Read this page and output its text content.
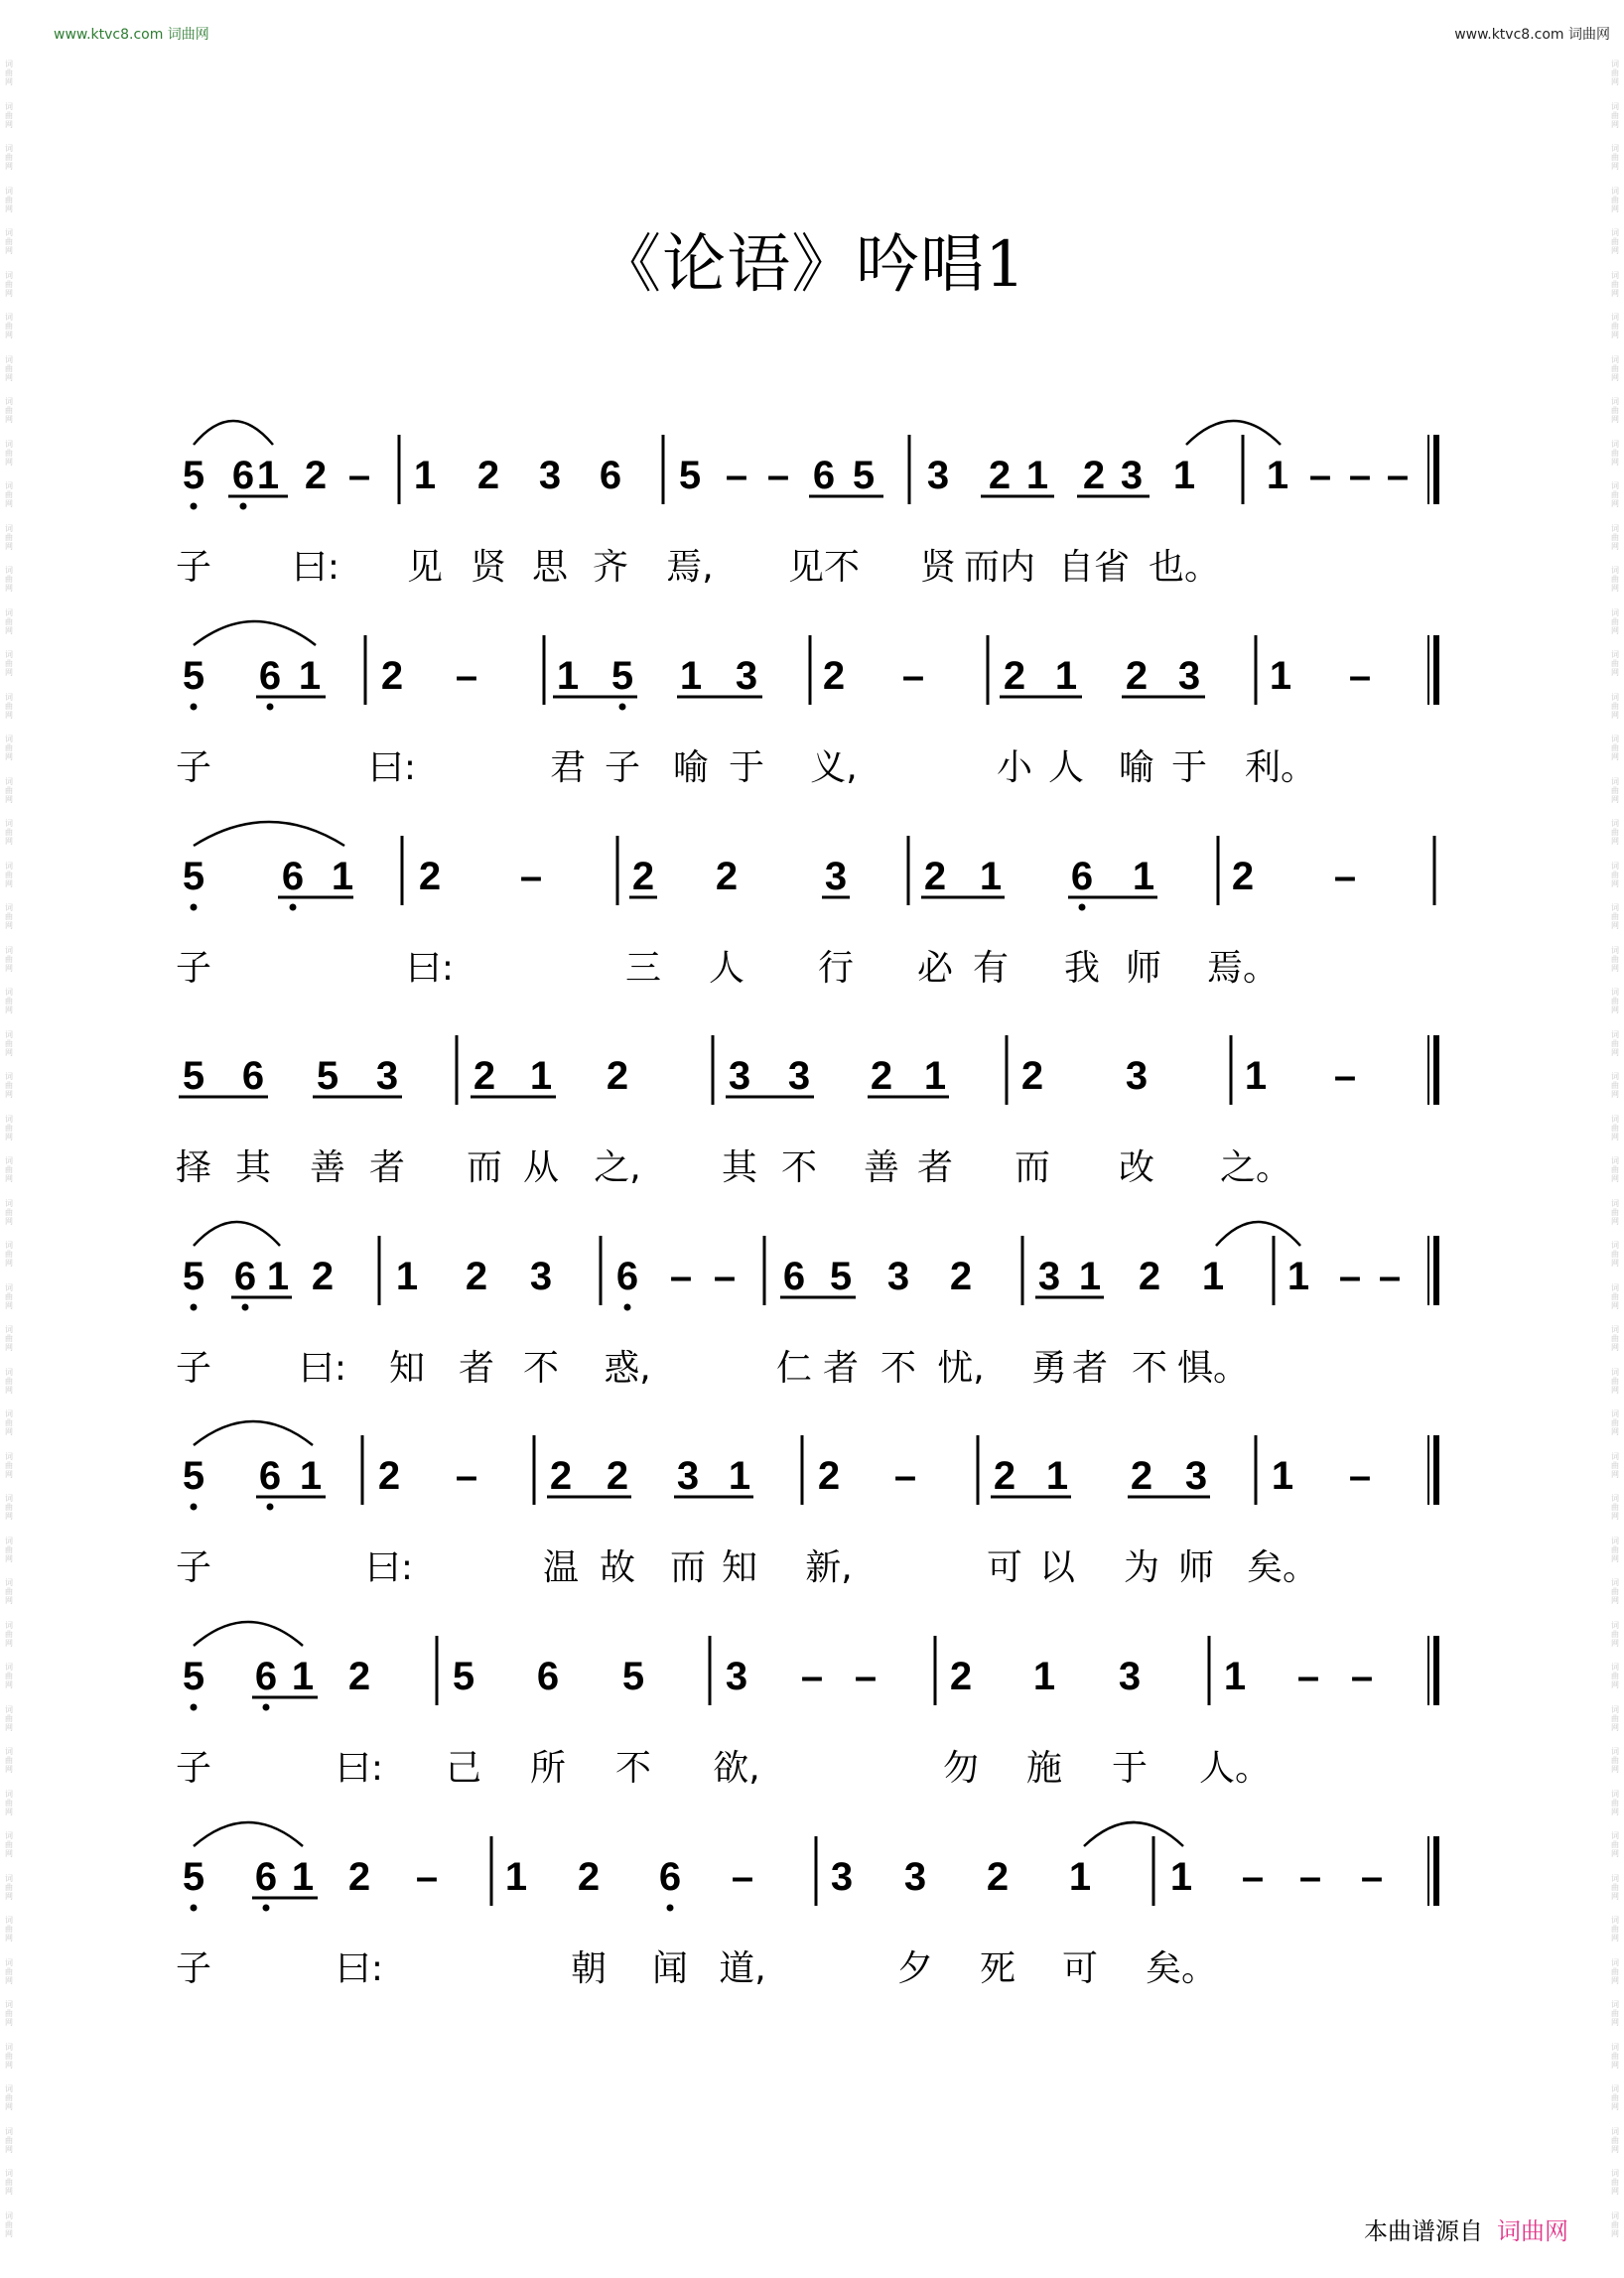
www.ktvc8.com 词曲网	www.ktvc8.com 词曲网
词
曲
网
词
曲
网
词
曲
网
词
曲
网
词
曲
网
词
曲
网
词
曲
网
词
曲
网
词
曲
网
词
曲
网
词
曲
网
词
曲
网
词
曲
网
词
曲
网
词
曲
网
词
曲
网
词
曲
网
词
曲
网
词
曲
网
词
曲
网
词
曲
网
词
曲
网
词
曲
网
词
曲
网
词
曲
网
词
曲
网
词
曲
网
词
曲
网
词
曲
网
词
曲
网
词
曲
网
词
曲
网
词
曲
网
词
曲
网
词
曲
网
词
曲
网
词
曲
网
词
曲
网
词
曲
网
词
曲
网
词
曲
网
词
曲
网
词
曲
网
词
曲
网
词
曲
网
词
曲
网
词
曲
网
词
曲
网
词
曲
网
词
曲
网
词
曲
网
词
曲
网
词
曲
网
词
曲
网
词
曲
网
词
曲
网
词
曲
网
词
曲
网
词
曲
网
词
曲
网
词
曲
网
词
曲
网
词
曲
网
词
曲
网
词
曲
网
词
曲
网
词
曲
网
词
曲
网
词
曲
网
词
曲
网
词
曲
网
词
曲
网
词
曲
网
词
曲
网
词
曲
网
词
曲
网
词
曲
网
词
曲
网
词
曲
网
词
曲
网
词
曲
网
词
曲
网
词
曲
网
词
曲
网
词
曲
网
词
曲
网
词
曲
网
词
曲
网
词
曲
网
词
曲
网
词
曲
网
词
曲
网
词
曲
网
词
曲
网
词
曲
网
词
曲
网
词
曲
网
词
曲
网
词
曲
网
词
曲
网
词
曲
网
词
曲
网
词
曲
网
词
曲
网
《论语》吟唱1
5 6 1 2 – 1 2 3 6 5 – – 6 5 3 2 1 2 3 1 1 – – –
子 曰: 见 贤 思 齐 焉, 见不 贤 而内 自省 也。
5 6 1 2 – 1 5 1 3 2 – 2 1 2 3 1 –
子	曰:	君 子 喻 于 义,	小 人 喻 于 利。
5 6 1 2 – 2 2 3 2 1 6 1 2 –
子	曰:	三 人 行 必 有 我 师 焉。
5 6 5 3 2 1 2	3 3 2 1 2 3 1 –
择 其 善 者 而 从 之, 其 不 善 者 而 改 之。
5 6 1 2 1 2 3 6 – – 6 5 3 2 3 1 2 1 1 – –
子 曰: 知 者 不 惑,	仁 者 不 忧, 勇 者 不 惧。
5 6 1 2 – 2 2 3 1 2 – 2 1 2 3 1 –
子	曰:	温 故 而 知 新,	可 以 为 师 矣。
5 6 1 2 5 6 5 3 – – 2 1 3 1 – –
子	曰: 己 所 不 欲,	勿 施 于 人。
5 6 1 2 – 1 2 6 – 3 3 2 1 1 – – –
子	曰:	朝 闻 道,	夕 死 可 矣。
本曲谱源自 词曲网
